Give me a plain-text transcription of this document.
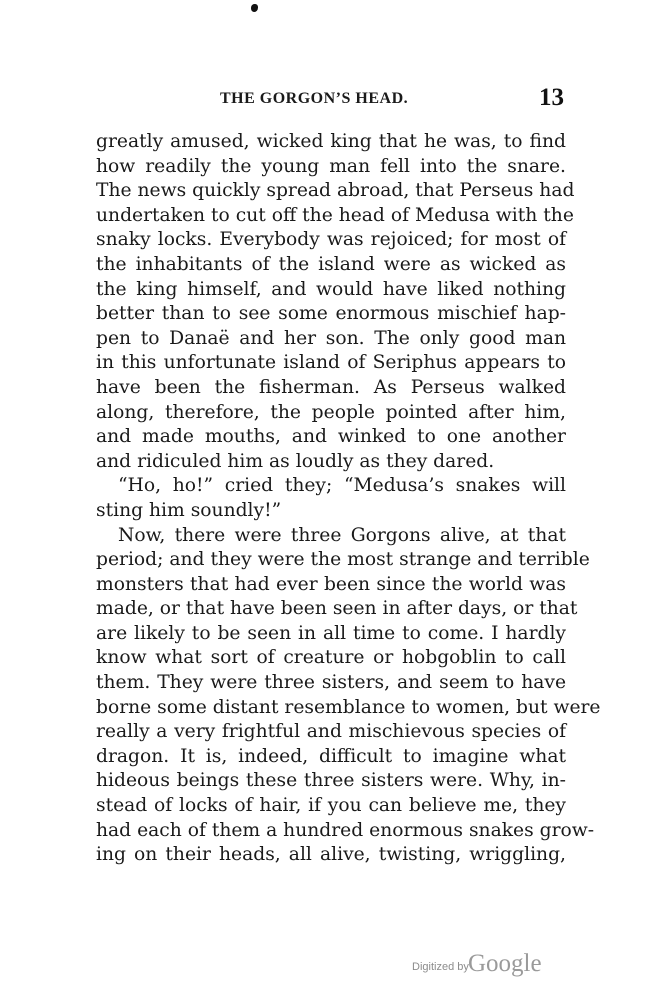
THE GORGON’S HEAD.	13
greatly amused, wicked king that he was, to find
how readily the young man fell into the snare.
The news quickly spread abroad, that Perseus had
undertaken to cut off the head of Medusa with the
snaky locks. Everybody was rejoiced; for most of
the inhabitants of the island were as wicked as
the king himself, and would have liked nothing
better than to see some enormous mischief hap-
pen to Danaë and her son. The only good man
in this unfortunate island of Seriphus appears to
have been the fisherman. As Perseus walked
along, therefore, the people pointed after him,
and made mouths, and winked to one another
and ridiculed him as loudly as they dared.
“Ho, ho!” cried they; “Medusa’s snakes will
sting him soundly!”
Now, there were three Gorgons alive, at that
period; and they were the most strange and terrible
monsters that had ever been since the world was
made, or that have been seen in after days, or that
are likely to be seen in all time to come. I hardly
know what sort of creature or hobgoblin to call
them. They were three sisters, and seem to have
borne some distant resemblance to women, but were
really a very frightful and mischievous species of
dragon. It is, indeed, difficult to imagine what
hideous beings these three sisters were. Why, in-
stead of locks of hair, if you can believe me, they
had each of them a hundred enormous snakes grow-
ing on their heads, all alive, twisting, wriggling,
Digitized by Google
